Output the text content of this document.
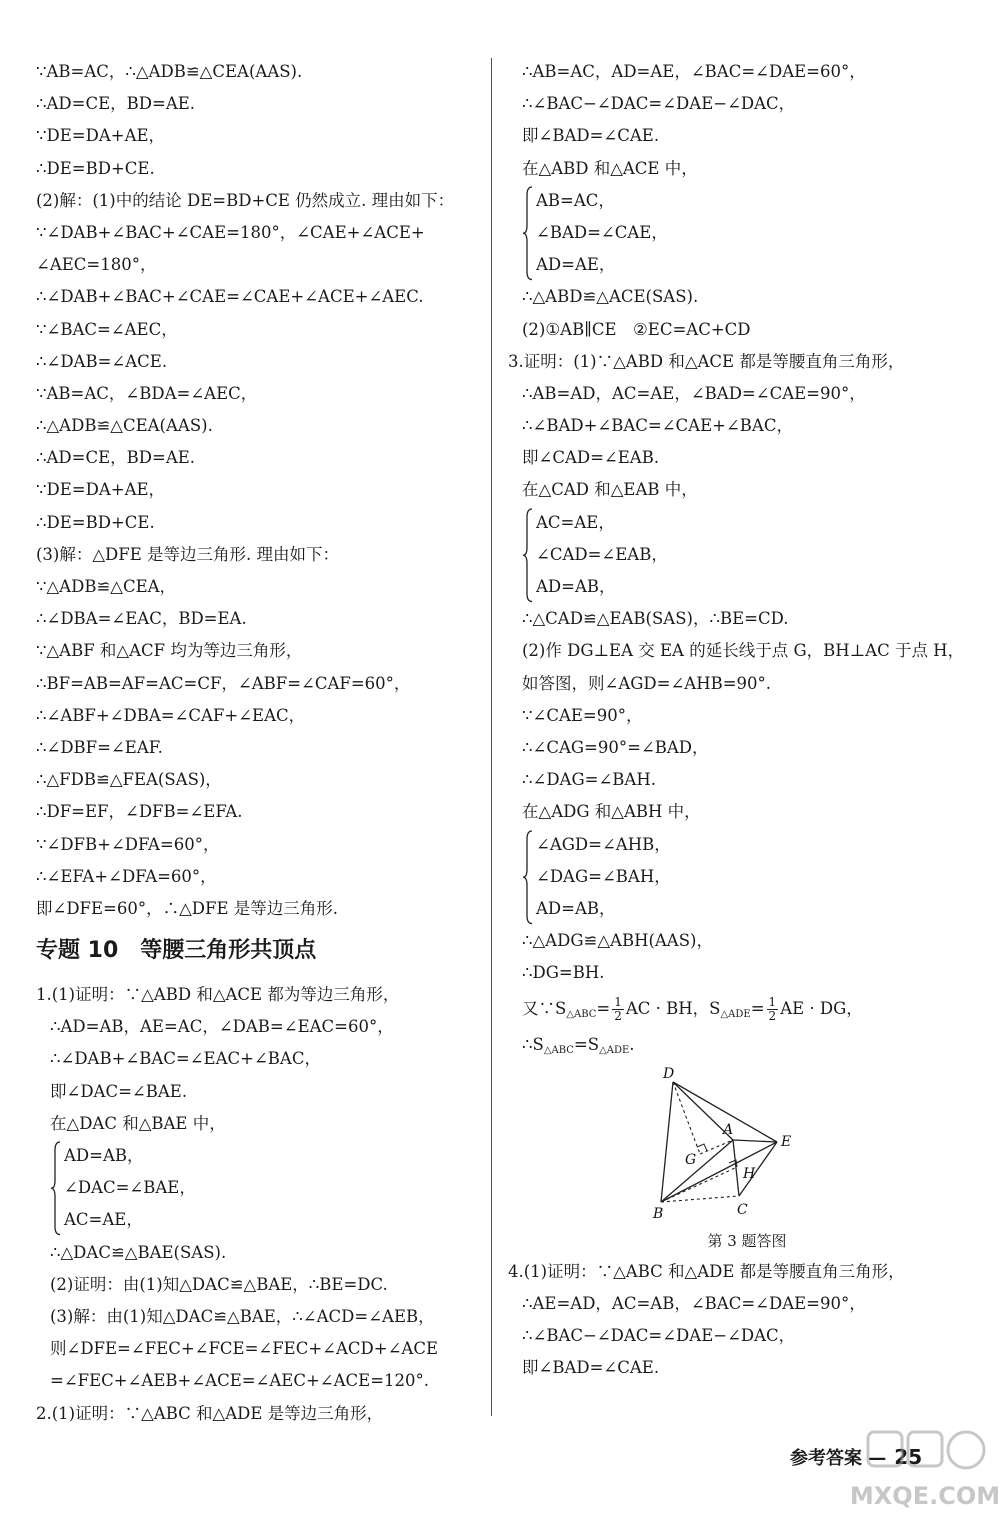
∵AB=AC，∴△ADB≌△CEA(AAS).
∴AD=CE，BD=AE.
∵DE=DA+AE，
∴DE=BD+CE.
(2)解：(1)中的结论 DE=BD+CE 仍然成立. 理由如下：
∵∠DAB+∠BAC+∠CAE=180°，∠CAE+∠ACE+
∠AEC=180°，
∴∠DAB+∠BAC+∠CAE=∠CAE+∠ACE+∠AEC.
∵∠BAC=∠AEC，
∴∠DAB=∠ACE.
∵AB=AC，∠BDA=∠AEC，
∴△ADB≌△CEA(AAS).
∴AD=CE，BD=AE.
∵DE=DA+AE，
∴DE=BD+CE.
(3)解：△DFE 是等边三角形. 理由如下：
∵△ADB≌△CEA，
∴∠DBA=∠EAC，BD=EA.
∵△ABF 和△ACF 均为等边三角形，
∴BF=AB=AF=AC=CF，∠ABF=∠CAF=60°，
∴∠ABF+∠DBA=∠CAF+∠EAC，
∴∠DBF=∠EAF.
∴△FDB≌△FEA(SAS)，
∴DF=EF，∠DFB=∠EFA.
∵∠DFB+∠DFA=60°，
∴∠EFA+∠DFA=60°，
即∠DFE=60°，∴△DFE 是等边三角形.
专题 10 等腰三角形共顶点
1.(1)证明：∵△ABD 和△ACE 都为等边三角形，
∴AD=AB，AE=AC，∠DAB=∠EAC=60°，
∴∠DAB+∠BAC=∠EAC+∠BAC，
即∠DAC=∠BAE.
在△DAC 和△BAE 中，
AD=AB，
∠DAC=∠BAE，
AC=AE，
∴△DAC≌△BAE(SAS).
(2)证明：由(1)知△DAC≌△BAE，∴BE=DC.
(3)解：由(1)知△DAC≌△BAE，∴∠ACD=∠AEB，
则∠DFE=∠FEC+∠FCE=∠FEC+∠ACD+∠ACE
=∠FEC+∠AEB+∠ACE=∠AEC+∠ACE=120°.
2.(1)证明：∵△ABC 和△ADE 是等边三角形，
∴AB=AC，AD=AE，∠BAC=∠DAE=60°，
∴∠BAC−∠DAC=∠DAE−∠DAC，
即∠BAD=∠CAE.
在△ABD 和△ACE 中，
AB=AC，
∠BAD=∠CAE，
AD=AE，
∴△ABD≌△ACE(SAS).
(2)①AB∥CE　②EC=AC+CD
3.证明：(1)∵△ABD 和△ACE 都是等腰直角三角形，
∴AB=AD，AC=AE，∠BAD=∠CAE=90°，
∴∠BAD+∠BAC=∠CAE+∠BAC，
即∠CAD=∠EAB.
在△CAD 和△EAB 中，
AC=AE，
∠CAD=∠EAB，
AD=AB，
∴△CAD≌△EAB(SAS)，∴BE=CD.
(2)作 DG⊥EA 交 EA 的延长线于点 G，BH⊥AC 于点 H，
如答图，则∠AGD=∠AHB=90°.
∵∠CAE=90°，
∴∠CAG=90°=∠BAD，
∴∠DAG=∠BAH.
在△ADG 和△ABH 中，
∠AGD=∠AHB，
∠DAG=∠BAH，
AD=AB，
∴△ADG≌△ABH(AAS)，
∴DG=BH.
又$\because S_{\triangle ABC}= \frac{1}{2}$ AC · BH，$S_{\triangle ADE}= \frac{1}{2}$ AE · DG，
$\therefore S_{\triangle ABC}=S_{\triangle ADE}$.
D
A
E
G
H
B	C
第 3 题答图
4.(1)证明：∵△ABC 和△ADE 都是等腰直角三角形，
∴AE=AD，AC=AB，∠BAC=∠DAE=90°，
∴∠BAC−∠DAC=∠DAE−∠DAC，
即∠BAD=∠CAE.
参考答案 — 25
MXQE.COM
